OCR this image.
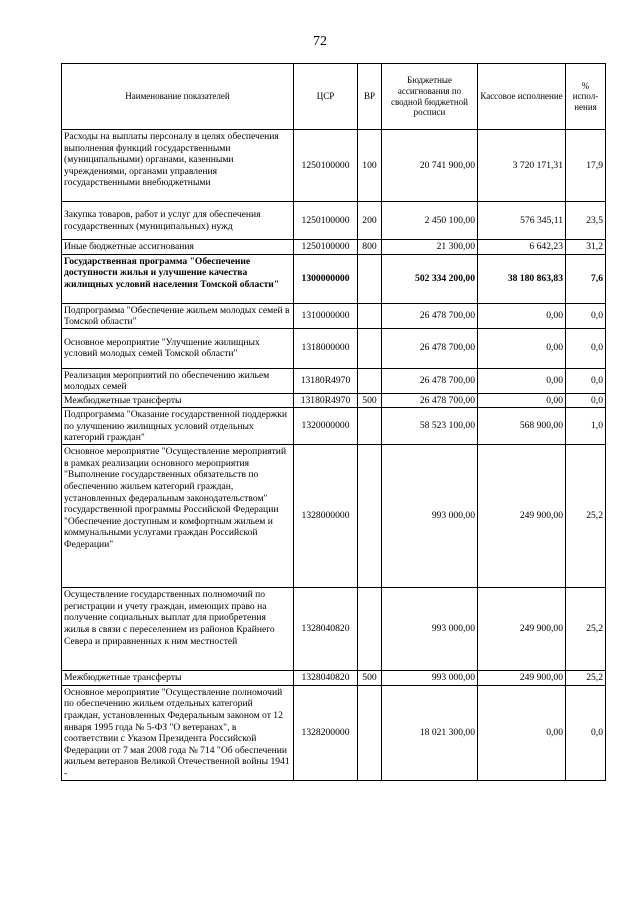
72
Наименование показателей	ЦСР	ВР	Бюджетные ассигнования по сводной бюджетной росписи	Кассовое исполнение	% испол-нения

Расходы на выплаты персоналу в целях обеспечения выполнения функций государственными (муниципальными) органами, казенными учреждениями, органами управления государственными внебюджетными	1250100000	100	20 741 900,00	3 720 171,31	17,9
Закупка товаров, работ и услуг для обеспечения государственных (муниципальных) нужд	1250100000	200	2 450 100,00	576 345,11	23,5
Иные бюджетные ассигнования	1250100000	800	21 300,00	6 642,23	31,2

Государственная программа "Обеспечение доступности жилья и улучшение качества жилищных условий населения Томской области"	1300000000		502 334 200,00	38 180 863,83	7,6

Подпрограмма "Обеспечение жильем молодых семей в Томской области"	1310000000		26 478 700,00	0,00	0,0
Основное мероприятие "Улучшение жилищных условий молодых семей Томской области"	1318000000		26 478 700,00	0,00	0,0

Реализация мероприятий по обеспечению жильем молодых семей	13180R4970		26 478 700,00	0,00	0,0
Межбюджетные трансферты	13180R4970	500	26 478 700,00	0,00	0,0

Подпрограмма "Оказание государственной поддержки по улучшению жилищных условий отдельных категорий граждан"	1320000000		58 523 100,00	568 900,00	1,0

Основное мероприятие "Осуществление мероприятий в рамках реализации основного мероприятия "Выполнение государственных обязательств по обеспечению жильем категорий граждан, установленных федеральным законодательством" государственной программы Российской Федерации "Обеспечение доступным и комфортным жильем и коммунальными услугами граждан Российской Федерации"	1328000000		993 000,00	249 900,00	25,2

Осуществление государственных полномочий по регистрации и учету граждан, имеющих право на получение социальных выплат для приобретения жилья в связи с переселением из районов Крайнего Севера и приравненных к ним местностей	1328040820		993 000,00	249 900,00	25,2
Межбюджетные трансферты	1328040820	500	993 000,00	249 900,00	25,2

Основное мероприятие "Осуществление полномочий по обеспечению жильем отдельных категорий граждан, установленных Федеральным законом от 12 января 1995 года № 5-ФЗ "О ветеранах", в соответствии с Указом Президента Российской Федерации от 7 мая 2008 года № 714 "Об обеспечении жильем ветеранов Великой Отечественной войны 1941 -	1328200000		18 021 300,00	0,00	0,0
